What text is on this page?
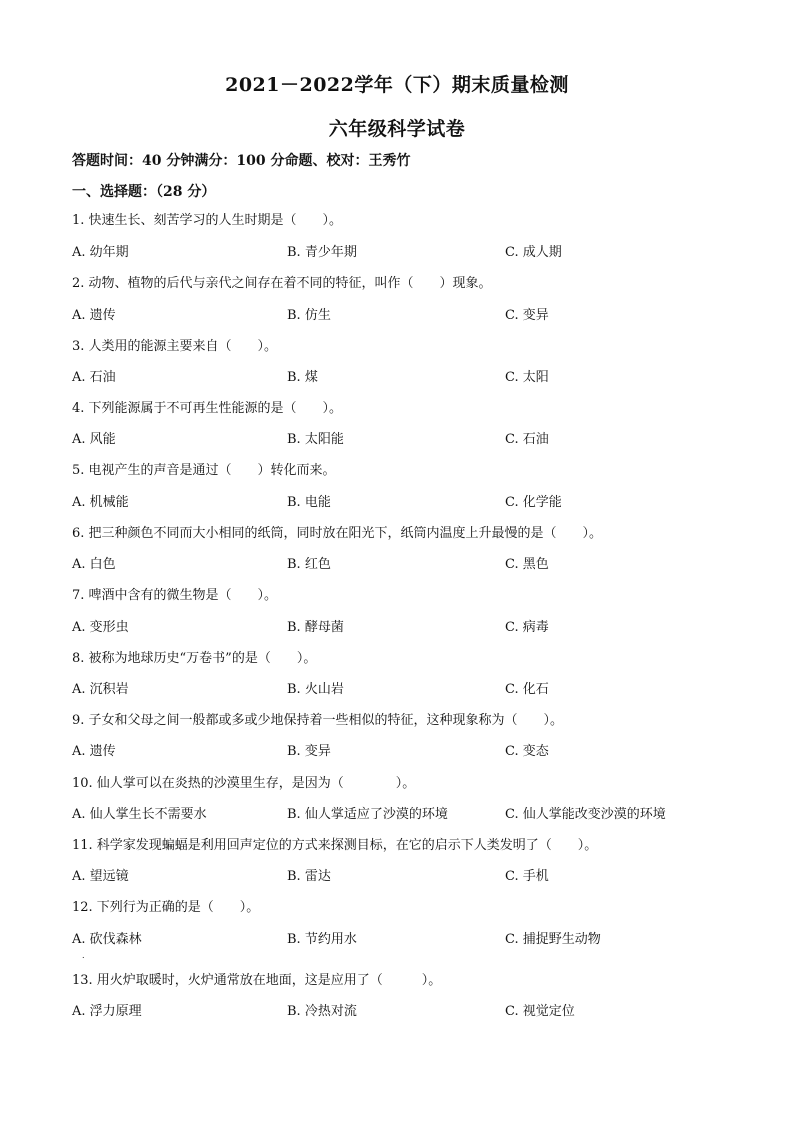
2021－2022学年（下）期末质量检测
六年级科学试卷
答题时间：40 分钟满分：100 分命题、校对：王秀竹
一、选择题：（28 分）
1. 快速生长、刻苦学习的人生时期是（　　）。
A. 幼年期	B. 青少年期	C. 成人期
2. 动物、植物的后代与亲代之间存在着不同的特征，叫作（　　）现象。
A. 遗传	B. 仿生	C. 变异
3. 人类用的能源主要来自（　　）。
A. 石油	B. 煤	C. 太阳
4. 下列能源属于不可再生性能源的是（　　）。
A. 风能	B. 太阳能	C. 石油
5. 电视产生的声音是通过（　　）转化而来。
A. 机械能	B. 电能	C. 化学能
6. 把三种颜色不同而大小相同的纸筒，同时放在阳光下，纸筒内温度上升最慢的是（　　）。
A. 白色	B. 红色	C. 黑色
7. 啤酒中含有的微生物是（　　）。
A. 变形虫	B. 酵母菌	C. 病毒
8. 被称为地球历史“万卷书”的是（　　）。
A. 沉积岩	B. 火山岩	C. 化石
9. 子女和父母之间一般都或多或少地保持着一些相似的特征，这种现象称为（　　）。
A. 遗传	B. 变异	C. 变态
10. 仙人掌可以在炎热的沙漠里生存，是因为（　　　　）。
A. 仙人掌生长不需要水	B. 仙人掌适应了沙漠的环境	C. 仙人掌能改变沙漠的环境
11. 科学家发现蝙蝠是利用回声定位的方式来探测目标，在它的启示下人类发明了（　　）。
A. 望远镜	B. 雷达	C. 手机
12. 下列行为正确的是（　　）。
A. 砍伐森林	B. 节约用水	C. 捕捉野生动物
.
13. 用火炉取暖时，火炉通常放在地面，这是应用了（　　　）。
A. 浮力原理	B. 冷热对流	C. 视觉定位
